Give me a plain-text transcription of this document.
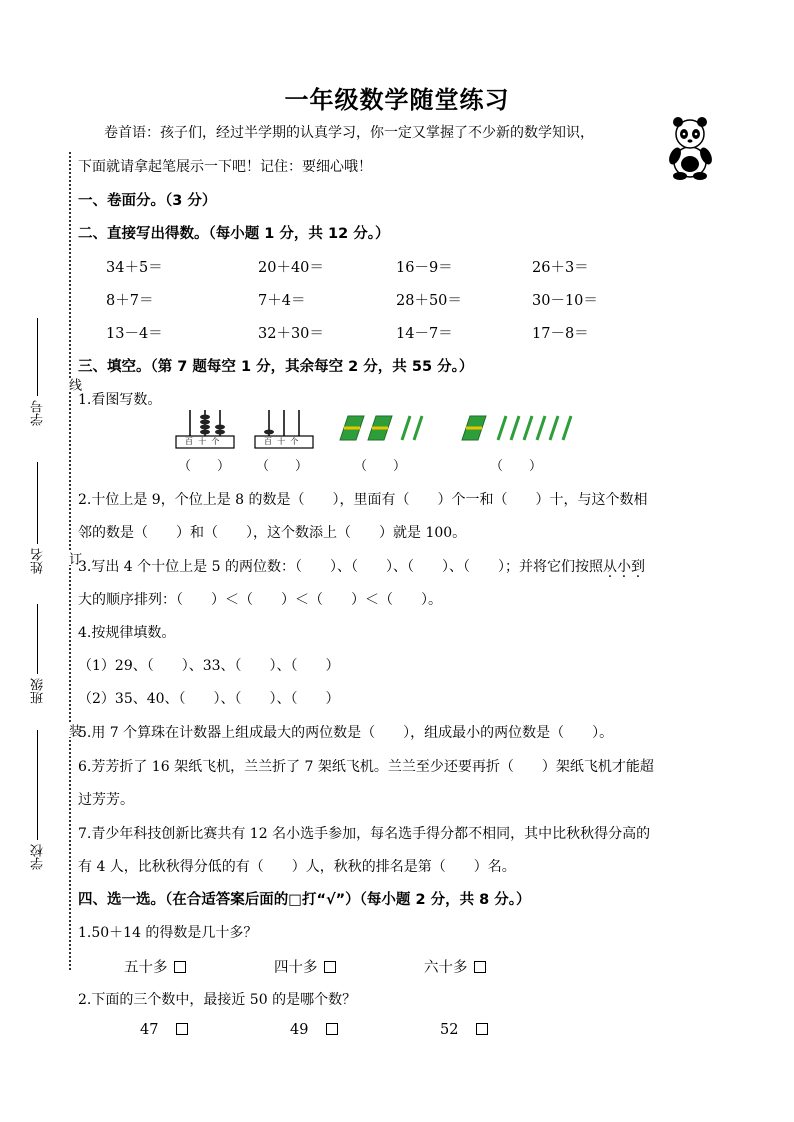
一年级数学随堂练习
卷首语：孩子们，经过半学期的认真学习，你一定又掌握了不少新的数学知识，
下面就请拿起笔展示一下吧！记住：要细心哦！
学号
姓名
班级
学校
线
订
装
一、卷面分。（3 分）
二、直接写出得数。（每小题 1 分，共 12 分。）
34＋5＝	20＋40＝	16－9＝	26＋3＝
8＋7＝	7＋4＝	28＋50＝	30－10＝
13－4＝	32＋30＝	14－7＝	17－8＝
三、填空。（第 7 题每空 1 分，其余每空 2 分，共 55 分。）
1.看图写数。
百 十 个	百 十 个
（　　） （　　）	（　　）	（　　）
2.十位上是 9，个位上是 8 的数是（　　），里面有（　　）个一和（　　）十，与这个数相
邻的数是（　　）和（　　），这个数添上（　　）就是 100。
3.写出 4 个十位上是 5 的两位数：（　　）、（　　）、（　　）、（　　）；并将它们按照从小到
大的顺序排列：（　　）＜（　　）＜（　　）＜（　　）。
4.按规律填数。
（1）29、（　　）、33、（　　）、（　　）
（2）35、40、（　　）、（　　）、（　　）
5.用 7 个算珠在计数器上组成最大的两位数是（　　），组成最小的两位数是（　　）。
6.芳芳折了 16 架纸飞机，兰兰折了 7 架纸飞机。兰兰至少还要再折（　　）架纸飞机才能超
过芳芳。
7.青少年科技创新比赛共有 12 名小选手参加，每名选手得分都不相同，其中比秋秋得分高的
有 4 人，比秋秋得分低的有（　　）人，秋秋的排名是第（　　）名。
四、选一选。（在合适答案后面的□打“√”）（每小题 2 分，共 8 分。）
1.50＋14 的得数是几十多？
五十多	四十多	六十多
2.下面的三个数中，最接近 50 的是哪个数？
47	49	52
